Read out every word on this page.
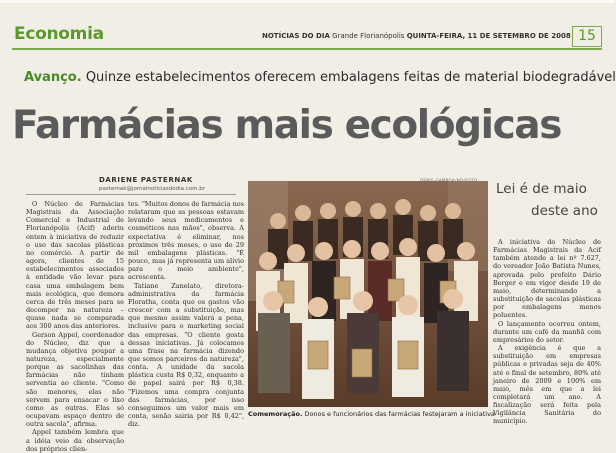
Economia	NOTÍCIAS DO DIA Grande Florianópolis QUINTA-FEIRA, 11 DE SETEMBRO DE 2008 15
Avanço. Quinze estabelecimentos oferecem embalagens feitas de material biodegradável
Farmácias mais ecológicas
DARIENE PASTERNAK
pasternak@jornalnoticiasdodia.com.br

O Núcleo de Farmácias Magistrais da Associação Comercial e Industrial de Florianópolis (Acif) aderiu ontem à iniciativa de reduzir o uso das sacolas plásticas no comércio. A partir de agora, clientes de 15 estabelecimentos associados à entidade vão levar para casa uma embalagem bem mais ecológica, que demora cerca de três meses para se decompor na natureza – quase nada se comparada aos 300 anos das anteriores.

Gerson Appel, coordenador do Núcleo, diz que a mudança objetiva poupar a natureza, especialmente porque as sacolinhas das farmácias não tinham serventia ao cliente. "Como são menores, elas não servem para ensacar o lixo como as outras. Elas só ocupavam espaço dentro de outra sacola", afirma.

Appel também lembra que a idéia veio da observação dos próprios clien-

tes. "Muitos donos de farmácia nos relataram que as pessoas estavam levando seus medicamentos e cosméticos nas mãos", observa. A expectativa é eliminar, nos próximos três meses, o uso de 29 mil embalagens plásticas. "É pouco, mas já representa um alívio para o meio ambiente", acrescenta.

Tatiane Zanelato, diretora-administrativa da farmácia Floratha, conta que os gastos vão crescer com a substituição, mas que mesmo assim valerá a pena, inclusive para o marketing social das empresas. "O cliente gosta dessas iniciativas. Já colocamos uma frase na farmácia dizendo que somos parceiros da natureza", conta. A unidade da sacola plástica custa R$ 0,32, enquanto a de papel sairá por R$ 0,38. "Fizemos uma compra conjunta das farmácias, por isso conseguimos um valor mais em conta, senão sairia por R$ 0,42", diz.

Comemoração. Donos e funcionários das farmácias festejaram a iniciativa
Lei é de maio
deste ano

A iniciativa do Núcleo de Farmácias Magistrais da Acif também atende a lei nº 7.627, do vereador João Batista Nunes, aprovada pelo prefeito Dário Berger e em vigor desde 19 de maio, determinando a substituição de sacolas plásticas por embalagens menos poluentes.

O lançamento ocorreu ontem, durante um café da manhã com empresários do setor.

A exigência é que a substituição em empresas públicas e privadas seja de 40% até o final de setembro, 80% até janeiro de 2009 e 100% em maio, mês em que a lei completará um ano. A fiscalização será feita pela Vigilância Sanitária do município.
